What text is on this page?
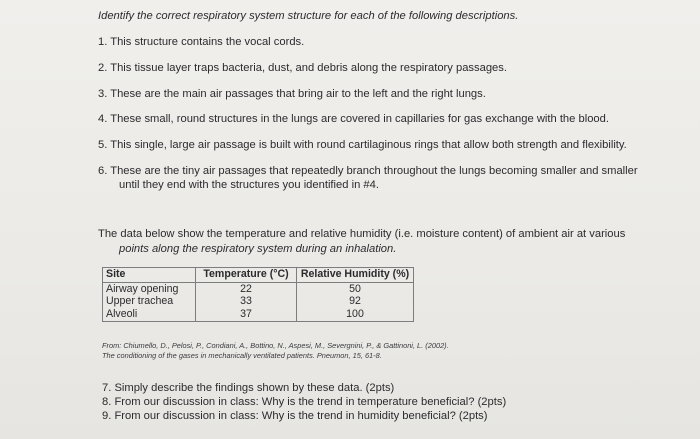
Identify the correct respiratory system structure for each of the following descriptions.
1. This structure contains the vocal cords.
2. This tissue layer traps bacteria, dust, and debris along the respiratory passages.
3. These are the main air passages that bring air to the left and the right lungs.
4. These small, round structures in the lungs are covered in capillaries for gas exchange with the blood.
5. This single, large air passage is built with round cartilaginous rings that allow both strength and flexibility.
6. These are the tiny air passages that repeatedly branch throughout the lungs becoming smaller and smaller
until they end with the structures you identified in #4.
The data below show the temperature and relative humidity (i.e. moisture content) of ambient air at various
points along the respiratory system during an inhalation.
Site	Temperature (°C)	Relative Humidity (%)
Airway opening	22	50
Upper trachea	33	92
Alveoli	37	100
From: Chiumello, D., Pelosi, P., Condiani, A., Bottino, N., Aspesi, M., Severgnini, P., & Gattinoni, L. (2002).
The conditioning of the gases in mechanically ventilated patients. Pneumon, 15, 61-8.
7. Simply describe the findings shown by these data. (2pts)
8. From our discussion in class: Why is the trend in temperature beneficial? (2pts)
9. From our discussion in class: Why is the trend in humidity beneficial? (2pts)
